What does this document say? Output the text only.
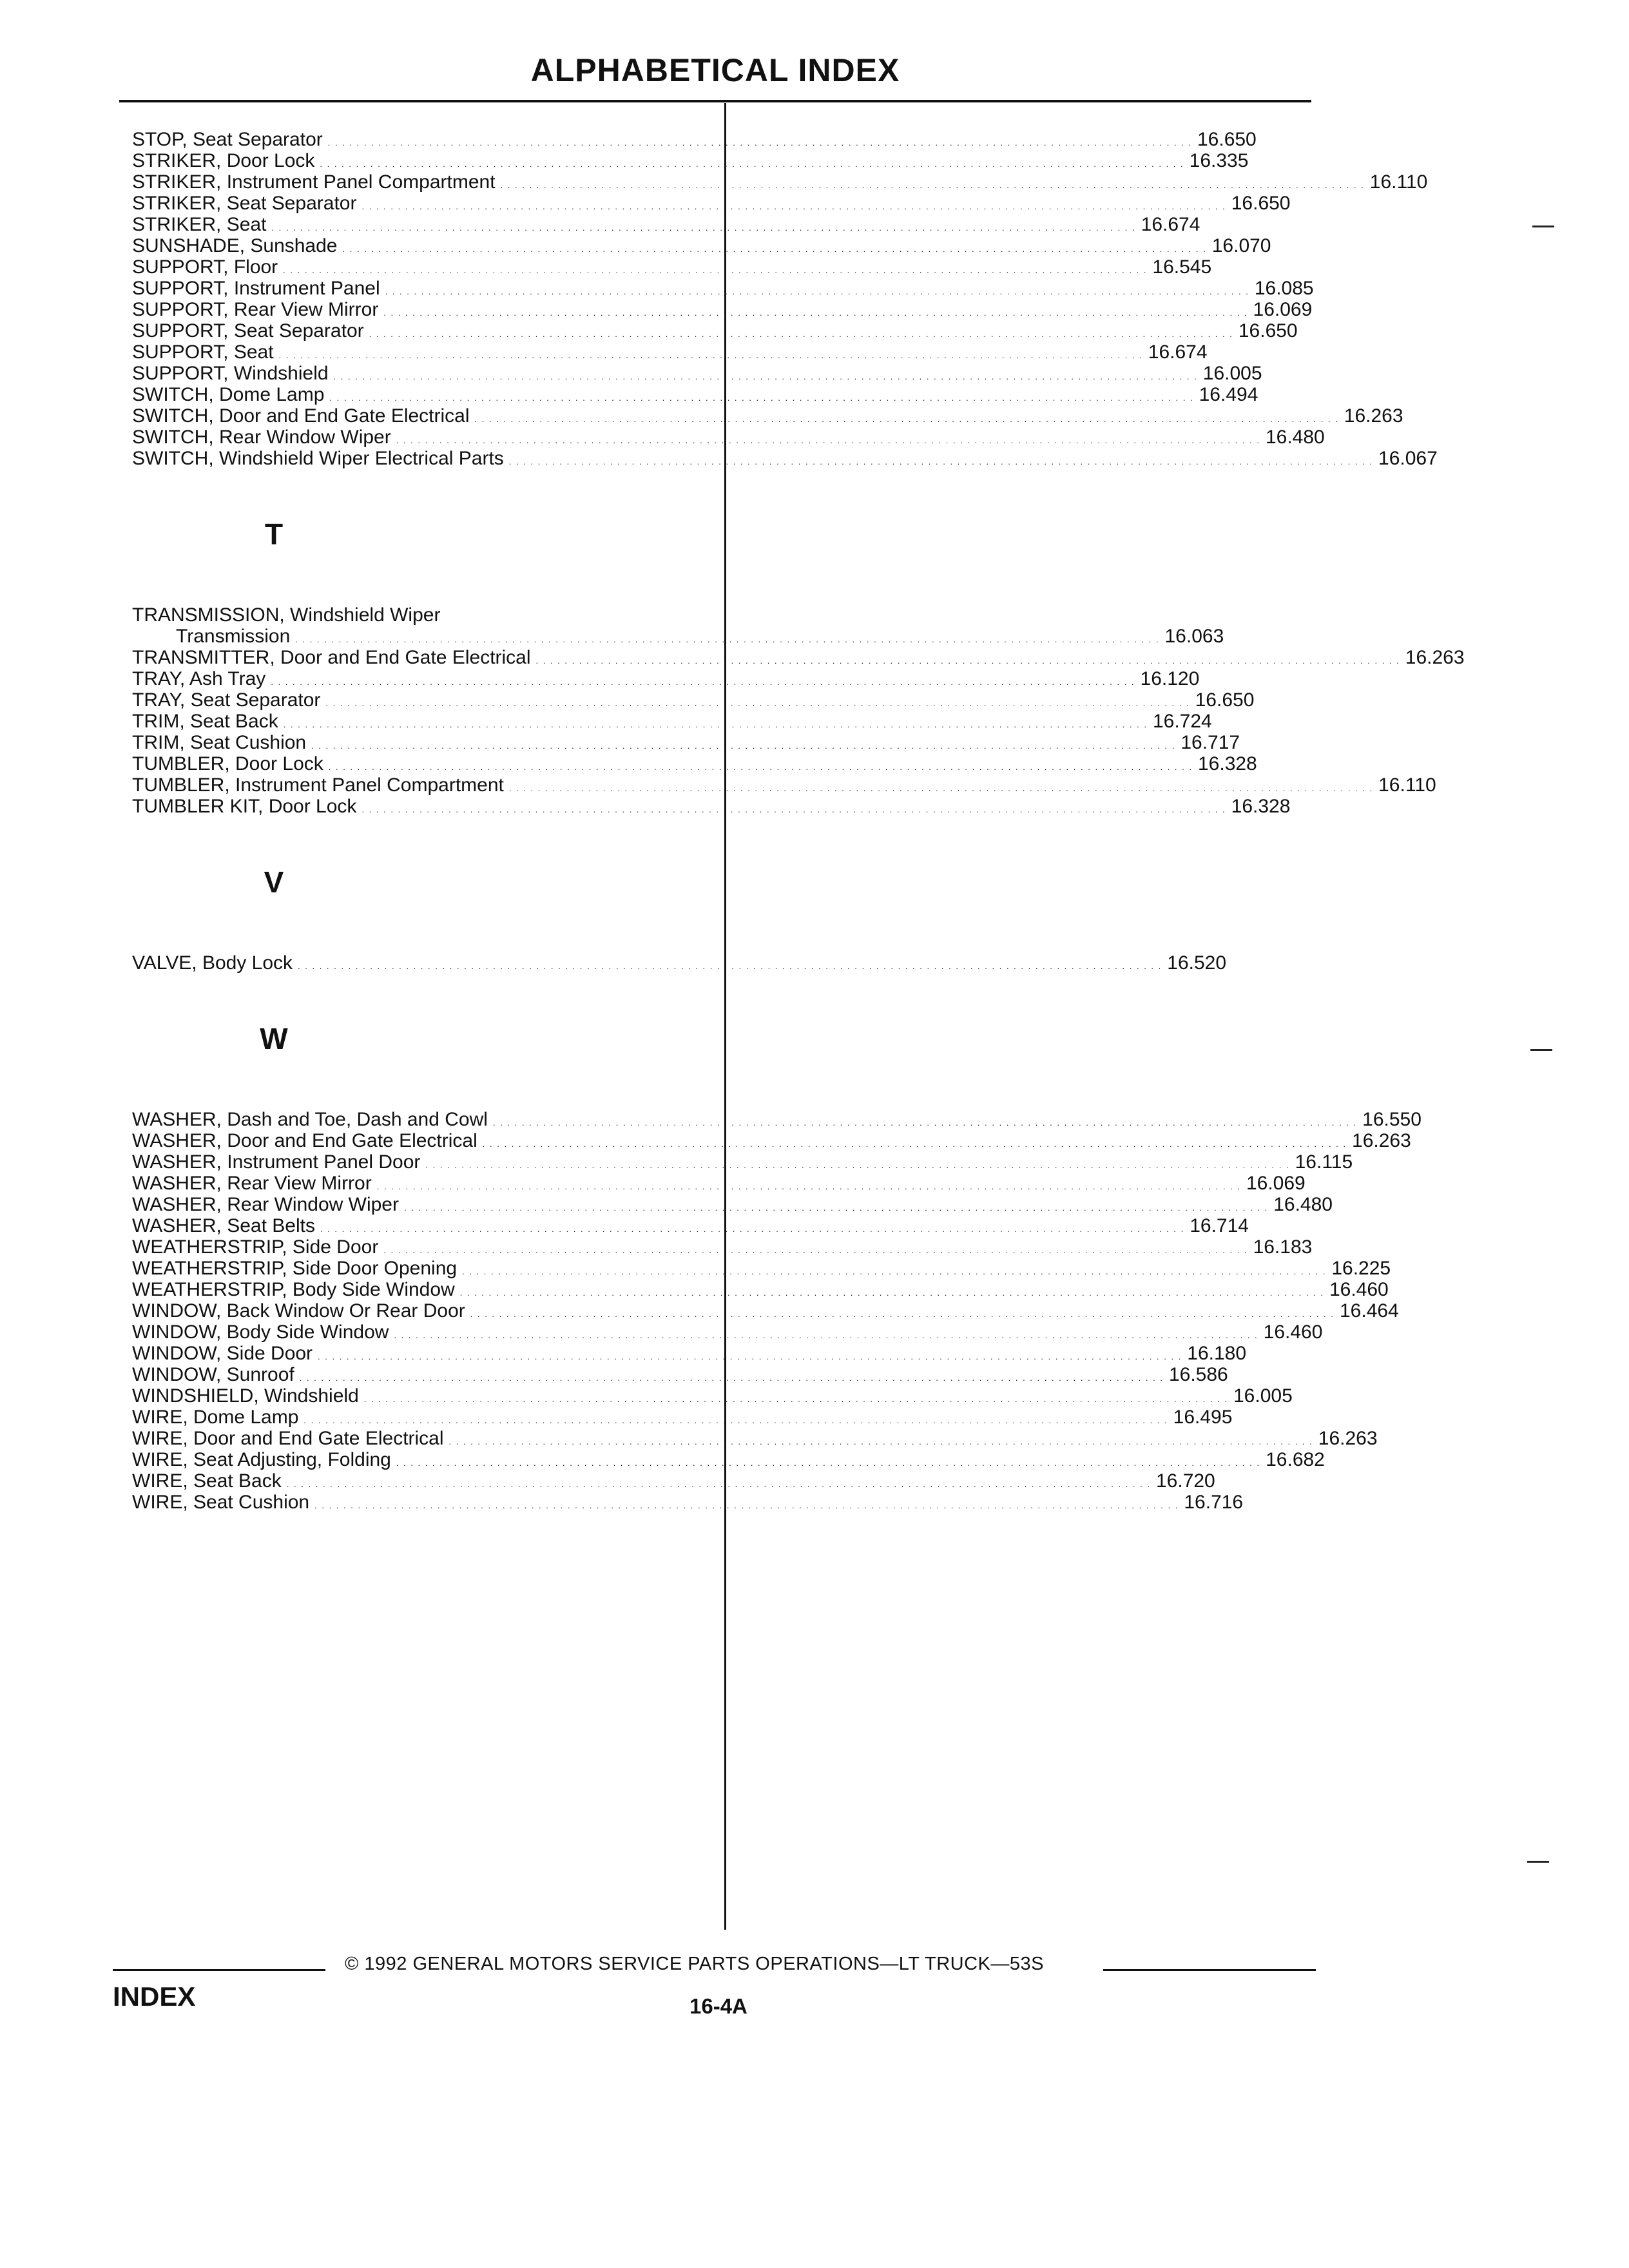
ALPHABETICAL INDEX
STOP, Seat Separator . . . . . . . . . . . . . . . . . . . . . . . . . . . . . . . . . . . . . . . . . . . . . . . . . . . . . . . . . . . . . . . . . . . . . . . . . . . . . . . . . . . . . . . . . . . . . . . . . . . . . . . . . . . . . . . . . . . . . . . . 16.650
STRIKER, Door Lock . . . . . . . . . . . . . . . . . . . . . . . . . . . . . . . . . . . . . . . . . . . . . . . . . . . . . . . . . . . . . . . . . . . . . . . . . . . . . . . . . . . . . . . . . . . . . . . . . . . . . . . . . . . . . . . . . . . . . . . . 16.335
STRIKER, Instrument Panel Compartment . . . . . . . . . . . . . . . . . . . . . . . . . . . . . . . . . . . . . . . . . . . . . . . . . . . . . . . . . . . . . . . . . . . . . . . . . . . . . . . . . . . . . . . . . . . . . . . . . . . . . . . . . . . . . . . . . . . . . . . . 16.110
STRIKER, Seat Separator . . . . . . . . . . . . . . . . . . . . . . . . . . . . . . . . . . . . . . . . . . . . . . . . . . . . . . . . . . . . . . . . . . . . . . . . . . . . . . . . . . . . . . . . . . . . . . . . . . . . . . . . . . . . . . . . . . . . . . . . 16.650
STRIKER, Seat . . . . . . . . . . . . . . . . . . . . . . . . . . . . . . . . . . . . . . . . . . . . . . . . . . . . . . . . . . . . . . . . . . . . . . . . . . . . . . . . . . . . . . . . . . . . . . . . . . . . . . . . . . . . . . . . . . . . . . . . 16.674
SUNSHADE, Sunshade . . . . . . . . . . . . . . . . . . . . . . . . . . . . . . . . . . . . . . . . . . . . . . . . . . . . . . . . . . . . . . . . . . . . . . . . . . . . . . . . . . . . . . . . . . . . . . . . . . . . . . . . . . . . . . . . . . . . . . . . 16.070
SUPPORT, Floor . . . . . . . . . . . . . . . . . . . . . . . . . . . . . . . . . . . . . . . . . . . . . . . . . . . . . . . . . . . . . . . . . . . . . . . . . . . . . . . . . . . . . . . . . . . . . . . . . . . . . . . . . . . . . . . . . . . . . . . . 16.545
SUPPORT, Instrument Panel . . . . . . . . . . . . . . . . . . . . . . . . . . . . . . . . . . . . . . . . . . . . . . . . . . . . . . . . . . . . . . . . . . . . . . . . . . . . . . . . . . . . . . . . . . . . . . . . . . . . . . . . . . . . . . . . . . . . . . . . 16.085
SUPPORT, Rear View Mirror . . . . . . . . . . . . . . . . . . . . . . . . . . . . . . . . . . . . . . . . . . . . . . . . . . . . . . . . . . . . . . . . . . . . . . . . . . . . . . . . . . . . . . . . . . . . . . . . . . . . . . . . . . . . . . . . . . . . . . . . 16.069
SUPPORT, Seat Separator . . . . . . . . . . . . . . . . . . . . . . . . . . . . . . . . . . . . . . . . . . . . . . . . . . . . . . . . . . . . . . . . . . . . . . . . . . . . . . . . . . . . . . . . . . . . . . . . . . . . . . . . . . . . . . . . . . . . . . . . 16.650
SUPPORT, Seat . . . . . . . . . . . . . . . . . . . . . . . . . . . . . . . . . . . . . . . . . . . . . . . . . . . . . . . . . . . . . . . . . . . . . . . . . . . . . . . . . . . . . . . . . . . . . . . . . . . . . . . . . . . . . . . . . . . . . . . . 16.674
SUPPORT, Windshield . . . . . . . . . . . . . . . . . . . . . . . . . . . . . . . . . . . . . . . . . . . . . . . . . . . . . . . . . . . . . . . . . . . . . . . . . . . . . . . . . . . . . . . . . . . . . . . . . . . . . . . . . . . . . . . . . . . . . . . . 16.005
SWITCH, Dome Lamp . . . . . . . . . . . . . . . . . . . . . . . . . . . . . . . . . . . . . . . . . . . . . . . . . . . . . . . . . . . . . . . . . . . . . . . . . . . . . . . . . . . . . . . . . . . . . . . . . . . . . . . . . . . . . . . . . . . . . . . . 16.494
SWITCH, Door and End Gate Electrical . . . . . . . . . . . . . . . . . . . . . . . . . . . . . . . . . . . . . . . . . . . . . . . . . . . . . . . . . . . . . . . . . . . . . . . . . . . . . . . . . . . . . . . . . . . . . . . . . . . . . . . . . . . . . . . . . . . . . . . . 16.263
SWITCH, Rear Window Wiper . . . . . . . . . . . . . . . . . . . . . . . . . . . . . . . . . . . . . . . . . . . . . . . . . . . . . . . . . . . . . . . . . . . . . . . . . . . . . . . . . . . . . . . . . . . . . . . . . . . . . . . . . . . . . . . . . . . . . . . . 16.480
SWITCH, Windshield Wiper Electrical Parts . . . . . . . . . . . . . . . . . . . . . . . . . . . . . . . . . . . . . . . . . . . . . . . . . . . . . . . . . . . . . . . . . . . . . . . . . . . . . . . . . . . . . . . . . . . . . . . . . . . . . . . . . . . . . . . . . . . . . . . . 16.067
T
TRANSMISSION, Windshield Wiper
Transmission . . . . . . . . . . . . . . . . . . . . . . . . . . . . . . . . . . . . . . . . . . . . . . . . . . . . . . . . . . . . . . . . . . . . . . . . . . . . . . . . . . . . . . . . . . . . . . . . . . . . . . . . . . . . . . . . . . . . . . . . 16.063
TRANSMITTER, Door and End Gate Electrical . . . . . . . . . . . . . . . . . . . . . . . . . . . . . . . . . . . . . . . . . . . . . . . . . . . . . . . . . . . . . . . . . . . . . . . . . . . . . . . . . . . . . . . . . . . . . . . . . . . . . . . . . . . . . . . . . . . . . . . . 16.263
TRAY, Ash Tray . . . . . . . . . . . . . . . . . . . . . . . . . . . . . . . . . . . . . . . . . . . . . . . . . . . . . . . . . . . . . . . . . . . . . . . . . . . . . . . . . . . . . . . . . . . . . . . . . . . . . . . . . . . . . . . . . . . . . . . . 16.120
TRAY, Seat Separator . . . . . . . . . . . . . . . . . . . . . . . . . . . . . . . . . . . . . . . . . . . . . . . . . . . . . . . . . . . . . . . . . . . . . . . . . . . . . . . . . . . . . . . . . . . . . . . . . . . . . . . . . . . . . . . . . . . . . . . . 16.650
TRIM, Seat Back . . . . . . . . . . . . . . . . . . . . . . . . . . . . . . . . . . . . . . . . . . . . . . . . . . . . . . . . . . . . . . . . . . . . . . . . . . . . . . . . . . . . . . . . . . . . . . . . . . . . . . . . . . . . . . . . . . . . . . . . 16.724
TRIM, Seat Cushion . . . . . . . . . . . . . . . . . . . . . . . . . . . . . . . . . . . . . . . . . . . . . . . . . . . . . . . . . . . . . . . . . . . . . . . . . . . . . . . . . . . . . . . . . . . . . . . . . . . . . . . . . . . . . . . . . . . . . . . . 16.717
TUMBLER, Door Lock . . . . . . . . . . . . . . . . . . . . . . . . . . . . . . . . . . . . . . . . . . . . . . . . . . . . . . . . . . . . . . . . . . . . . . . . . . . . . . . . . . . . . . . . . . . . . . . . . . . . . . . . . . . . . . . . . . . . . . . . 16.328
TUMBLER, Instrument Panel Compartment . . . . . . . . . . . . . . . . . . . . . . . . . . . . . . . . . . . . . . . . . . . . . . . . . . . . . . . . . . . . . . . . . . . . . . . . . . . . . . . . . . . . . . . . . . . . . . . . . . . . . . . . . . . . . . . . . . . . . . . . 16.110
TUMBLER KIT, Door Lock . . . . . . . . . . . . . . . . . . . . . . . . . . . . . . . . . . . . . . . . . . . . . . . . . . . . . . . . . . . . . . . . . . . . . . . . . . . . . . . . . . . . . . . . . . . . . . . . . . . . . . . . . . . . . . . . . . . . . . . . 16.328
V
VALVE, Body Lock . . . . . . . . . . . . . . . . . . . . . . . . . . . . . . . . . . . . . . . . . . . . . . . . . . . . . . . . . . . . . . . . . . . . . . . . . . . . . . . . . . . . . . . . . . . . . . . . . . . . . . . . . . . . . . . . . . . . . . . . 16.520
W
WASHER, Dash and Toe, Dash and Cowl . . . . . . . . . . . . . . . . . . . . . . . . . . . . . . . . . . . . . . . . . . . . . . . . . . . . . . . . . . . . . . . . . . . . . . . . . . . . . . . . . . . . . . . . . . . . . . . . . . . . . . . . . . . . . . . . . . . . . . . . 16.550
WASHER, Door and End Gate Electrical . . . . . . . . . . . . . . . . . . . . . . . . . . . . . . . . . . . . . . . . . . . . . . . . . . . . . . . . . . . . . . . . . . . . . . . . . . . . . . . . . . . . . . . . . . . . . . . . . . . . . . . . . . . . . . . . . . . . . . . . 16.263
WASHER, Instrument Panel Door . . . . . . . . . . . . . . . . . . . . . . . . . . . . . . . . . . . . . . . . . . . . . . . . . . . . . . . . . . . . . . . . . . . . . . . . . . . . . . . . . . . . . . . . . . . . . . . . . . . . . . . . . . . . . . . . . . . . . . . . 16.115
WASHER, Rear View Mirror . . . . . . . . . . . . . . . . . . . . . . . . . . . . . . . . . . . . . . . . . . . . . . . . . . . . . . . . . . . . . . . . . . . . . . . . . . . . . . . . . . . . . . . . . . . . . . . . . . . . . . . . . . . . . . . . . . . . . . . . 16.069
WASHER, Rear Window Wiper . . . . . . . . . . . . . . . . . . . . . . . . . . . . . . . . . . . . . . . . . . . . . . . . . . . . . . . . . . . . . . . . . . . . . . . . . . . . . . . . . . . . . . . . . . . . . . . . . . . . . . . . . . . . . . . . . . . . . . . . 16.480
WASHER, Seat Belts . . . . . . . . . . . . . . . . . . . . . . . . . . . . . . . . . . . . . . . . . . . . . . . . . . . . . . . . . . . . . . . . . . . . . . . . . . . . . . . . . . . . . . . . . . . . . . . . . . . . . . . . . . . . . . . . . . . . . . . . 16.714
WEATHERSTRIP, Side Door . . . . . . . . . . . . . . . . . . . . . . . . . . . . . . . . . . . . . . . . . . . . . . . . . . . . . . . . . . . . . . . . . . . . . . . . . . . . . . . . . . . . . . . . . . . . . . . . . . . . . . . . . . . . . . . . . . . . . . . . 16.183
WEATHERSTRIP, Side Door Opening . . . . . . . . . . . . . . . . . . . . . . . . . . . . . . . . . . . . . . . . . . . . . . . . . . . . . . . . . . . . . . . . . . . . . . . . . . . . . . . . . . . . . . . . . . . . . . . . . . . . . . . . . . . . . . . . . . . . . . . . 16.225
WEATHERSTRIP, Body Side Window . . . . . . . . . . . . . . . . . . . . . . . . . . . . . . . . . . . . . . . . . . . . . . . . . . . . . . . . . . . . . . . . . . . . . . . . . . . . . . . . . . . . . . . . . . . . . . . . . . . . . . . . . . . . . . . . . . . . . . . . 16.460
WINDOW, Back Window Or Rear Door . . . . . . . . . . . . . . . . . . . . . . . . . . . . . . . . . . . . . . . . . . . . . . . . . . . . . . . . . . . . . . . . . . . . . . . . . . . . . . . . . . . . . . . . . . . . . . . . . . . . . . . . . . . . . . . . . . . . . . . . 16.464
WINDOW, Body Side Window . . . . . . . . . . . . . . . . . . . . . . . . . . . . . . . . . . . . . . . . . . . . . . . . . . . . . . . . . . . . . . . . . . . . . . . . . . . . . . . . . . . . . . . . . . . . . . . . . . . . . . . . . . . . . . . . . . . . . . . . 16.460
WINDOW, Side Door . . . . . . . . . . . . . . . . . . . . . . . . . . . . . . . . . . . . . . . . . . . . . . . . . . . . . . . . . . . . . . . . . . . . . . . . . . . . . . . . . . . . . . . . . . . . . . . . . . . . . . . . . . . . . . . . . . . . . . . . 16.180
WINDOW, Sunroof . . . . . . . . . . . . . . . . . . . . . . . . . . . . . . . . . . . . . . . . . . . . . . . . . . . . . . . . . . . . . . . . . . . . . . . . . . . . . . . . . . . . . . . . . . . . . . . . . . . . . . . . . . . . . . . . . . . . . . . . 16.586
WINDSHIELD, Windshield . . . . . . . . . . . . . . . . . . . . . . . . . . . . . . . . . . . . . . . . . . . . . . . . . . . . . . . . . . . . . . . . . . . . . . . . . . . . . . . . . . . . . . . . . . . . . . . . . . . . . . . . . . . . . . . . . . . . . . . . 16.005
WIRE, Dome Lamp . . . . . . . . . . . . . . . . . . . . . . . . . . . . . . . . . . . . . . . . . . . . . . . . . . . . . . . . . . . . . . . . . . . . . . . . . . . . . . . . . . . . . . . . . . . . . . . . . . . . . . . . . . . . . . . . . . . . . . . . 16.495
WIRE, Door and End Gate Electrical . . . . . . . . . . . . . . . . . . . . . . . . . . . . . . . . . . . . . . . . . . . . . . . . . . . . . . . . . . . . . . . . . . . . . . . . . . . . . . . . . . . . . . . . . . . . . . . . . . . . . . . . . . . . . . . . . . . . . . . . 16.263
WIRE, Seat Adjusting, Folding . . . . . . . . . . . . . . . . . . . . . . . . . . . . . . . . . . . . . . . . . . . . . . . . . . . . . . . . . . . . . . . . . . . . . . . . . . . . . . . . . . . . . . . . . . . . . . . . . . . . . . . . . . . . . . . . . . . . . . . . 16.682
WIRE, Seat Back . . . . . . . . . . . . . . . . . . . . . . . . . . . . . . . . . . . . . . . . . . . . . . . . . . . . . . . . . . . . . . . . . . . . . . . . . . . . . . . . . . . . . . . . . . . . . . . . . . . . . . . . . . . . . . . . . . . . . . . . 16.720
WIRE, Seat Cushion . . . . . . . . . . . . . . . . . . . . . . . . . . . . . . . . . . . . . . . . . . . . . . . . . . . . . . . . . . . . . . . . . . . . . . . . . . . . . . . . . . . . . . . . . . . . . . . . . . . . . . . . . . . . . . . . . . . . . . . . 16.716
© 1992 GENERAL MOTORS SERVICE PARTS OPERATIONS—LT TRUCK—53S
INDEX	16-4A
